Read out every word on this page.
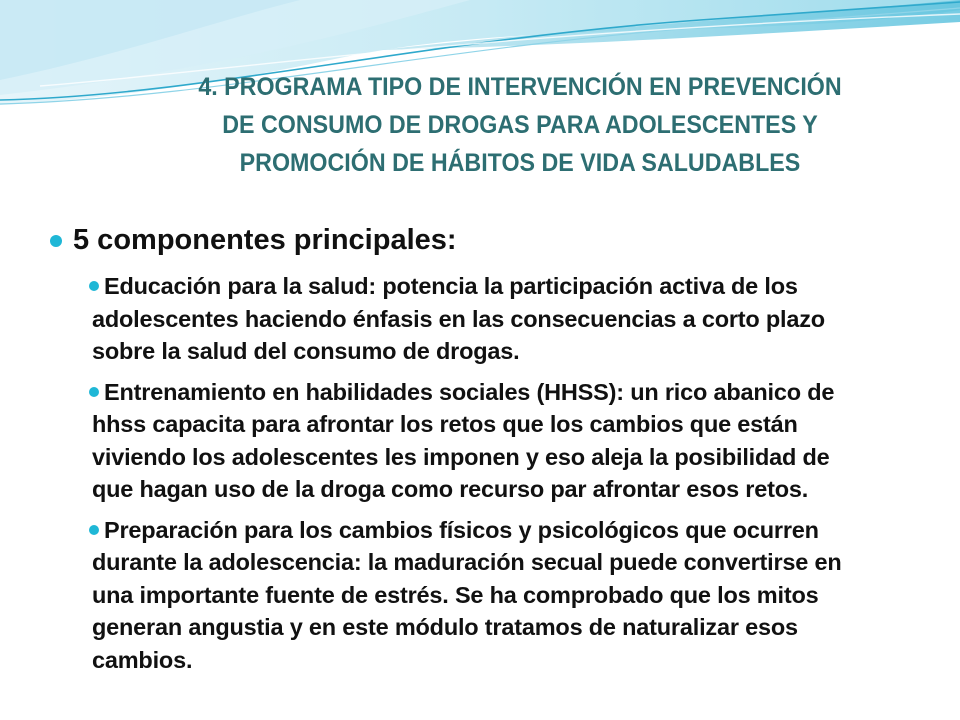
4. PROGRAMA TIPO DE INTERVENCIÓN EN PREVENCIÓN
DE CONSUMO DE DROGAS PARA ADOLESCENTES Y
PROMOCIÓN DE HÁBITOS DE VIDA SALUDABLES
5 componentes principales:
Educación para la salud: potencia la participación activa de los
adolescentes haciendo énfasis en las consecuencias a corto plazo
sobre la salud del consumo de drogas.
Entrenamiento en habilidades sociales (HHSS): un rico abanico de
hhss capacita para afrontar los retos que los cambios que están
viviendo los adolescentes les imponen y eso aleja la posibilidad de
que hagan uso de la droga como recurso par afrontar esos retos.
Preparación para los cambios físicos y psicológicos que ocurren
durante la adolescencia: la maduración secual puede convertirse en
una importante fuente de estrés. Se ha comprobado que los mitos
generan angustia y en este módulo tratamos de naturalizar esos
cambios.
